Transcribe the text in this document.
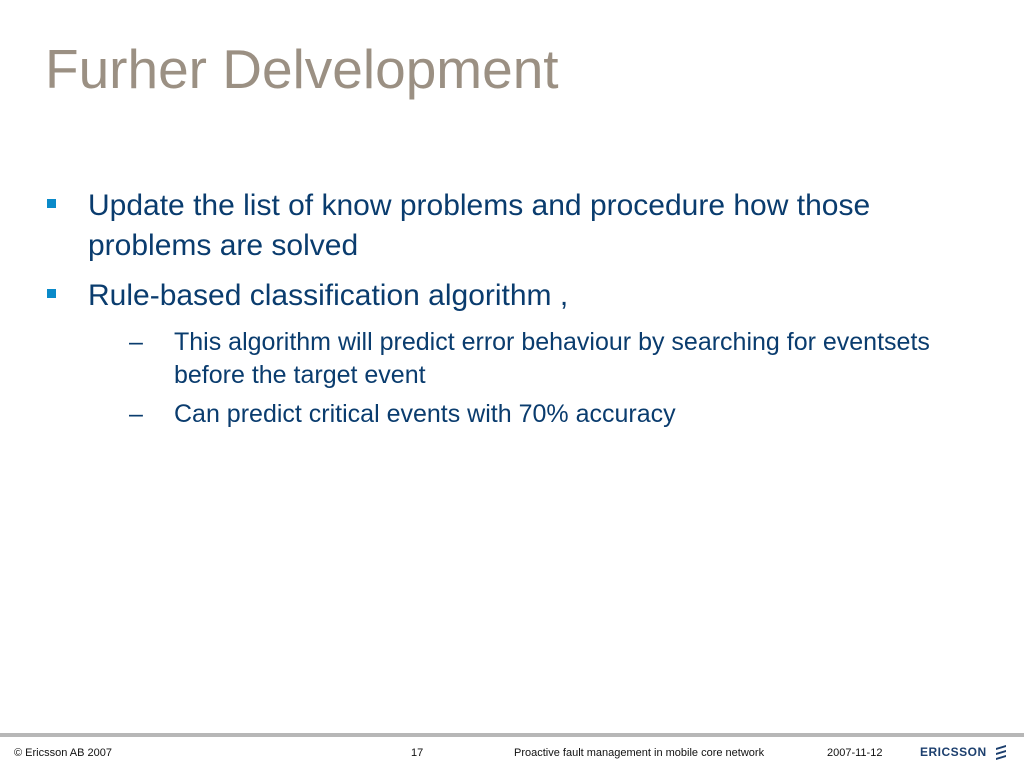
Furher Delvelopment
Update the list of know problems and procedure how those problems are solved
Rule-based classification algorithm ,
– This algorithm will predict error behaviour by searching for eventsets before the target event
– Can predict critical events with 70% accuracy
© Ericsson AB 2007	17	Proactive fault management in mobile core network	2007-11-12	ERICSSON
